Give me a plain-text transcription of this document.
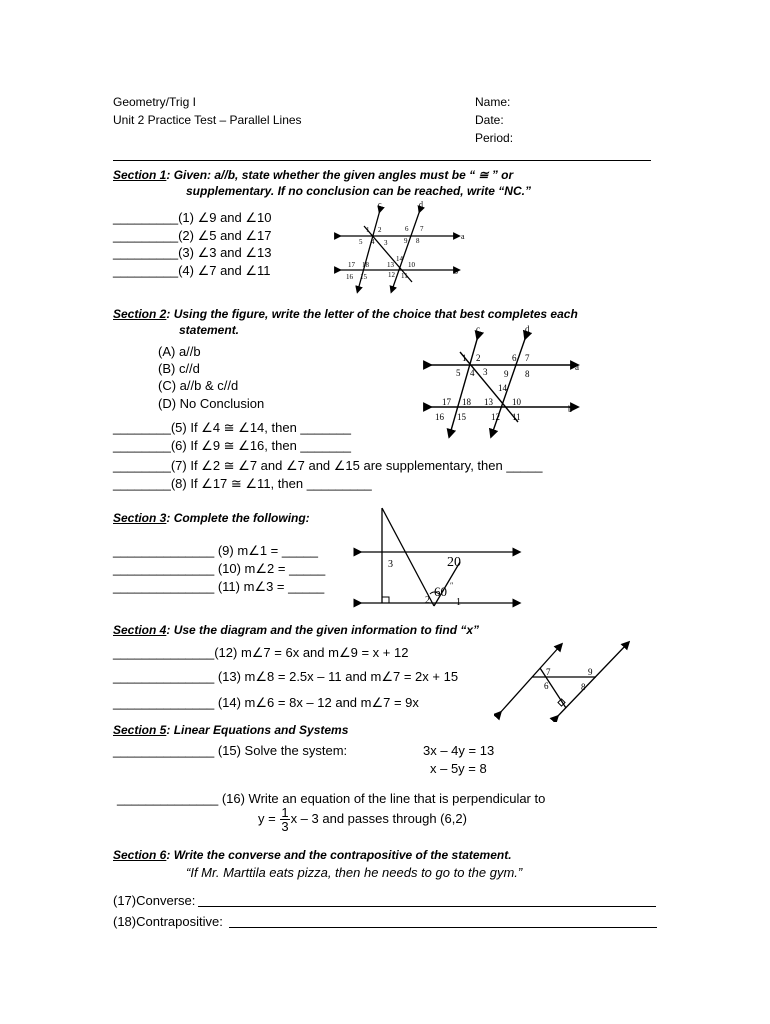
Geometry/Trig I
Unit 2 Practice Test – Parallel Lines
Name:
Date:
Period:
Section 1: Given: a//b, state whether the given angles must be “ ≅ ” or
supplementary. If no conclusion can be reached, write “NC.”
_________(1) ∠9 and ∠10
_________(2) ∠5 and ∠17
_________(3) ∠3 and ∠13
_________(4) ∠7 and ∠11
c	d
a
b
1 2	6 7
5 4 3 9 8
14
17 18	13 10
16 15	12 11
Section 2: Using the figure, write the letter of the choice that best completes each
statement.
(A) a//b
(B) c//d
(C) a//b & c//d
(D) No Conclusion
________(5) If ∠4 ≅ ∠14, then _______
________(6) If ∠9 ≅ ∠16, then _______
________(7) If ∠2 ≅ ∠7 and ∠7 and ∠15 are supplementary, then _____
________(8) If ∠17 ≅ ∠11, then _________
c	d
a
b
1 2	6 7
5 4 3 9 8
14
17 18 13 10
16 15	12 11
Section 3: Complete the following:
______________ (9) m∠1 = _____
______________ (10) m∠2 = _____
______________ (11) m∠3 = _____
20
60 ″
3
2	1
Section 4: Use the diagram and the given information to find “x”
______________(12) m∠7 = 6x and m∠9 = x + 12
______________ (13) m∠8 = 2.5x – 11 and m∠7 = 2x + 15
______________ (14) m∠6 = 8x – 12 and m∠7 = 9x
7	9
6	8
Section 5: Linear Equations and Systems
______________ (15) Solve the system:	3x – 4y = 13
x – 5y = 8
______________ (16) Write an equation of the line that is perpendicular to
$y = \frac{1}{3}$ x – 3 and passes through (6,2)
Section 6: Write the converse and the contrapositive of the statement.
“If Mr. Marttila eats pizza, then he needs to go to the gym.”
(17)Converse:
(18)Contrapositive:
